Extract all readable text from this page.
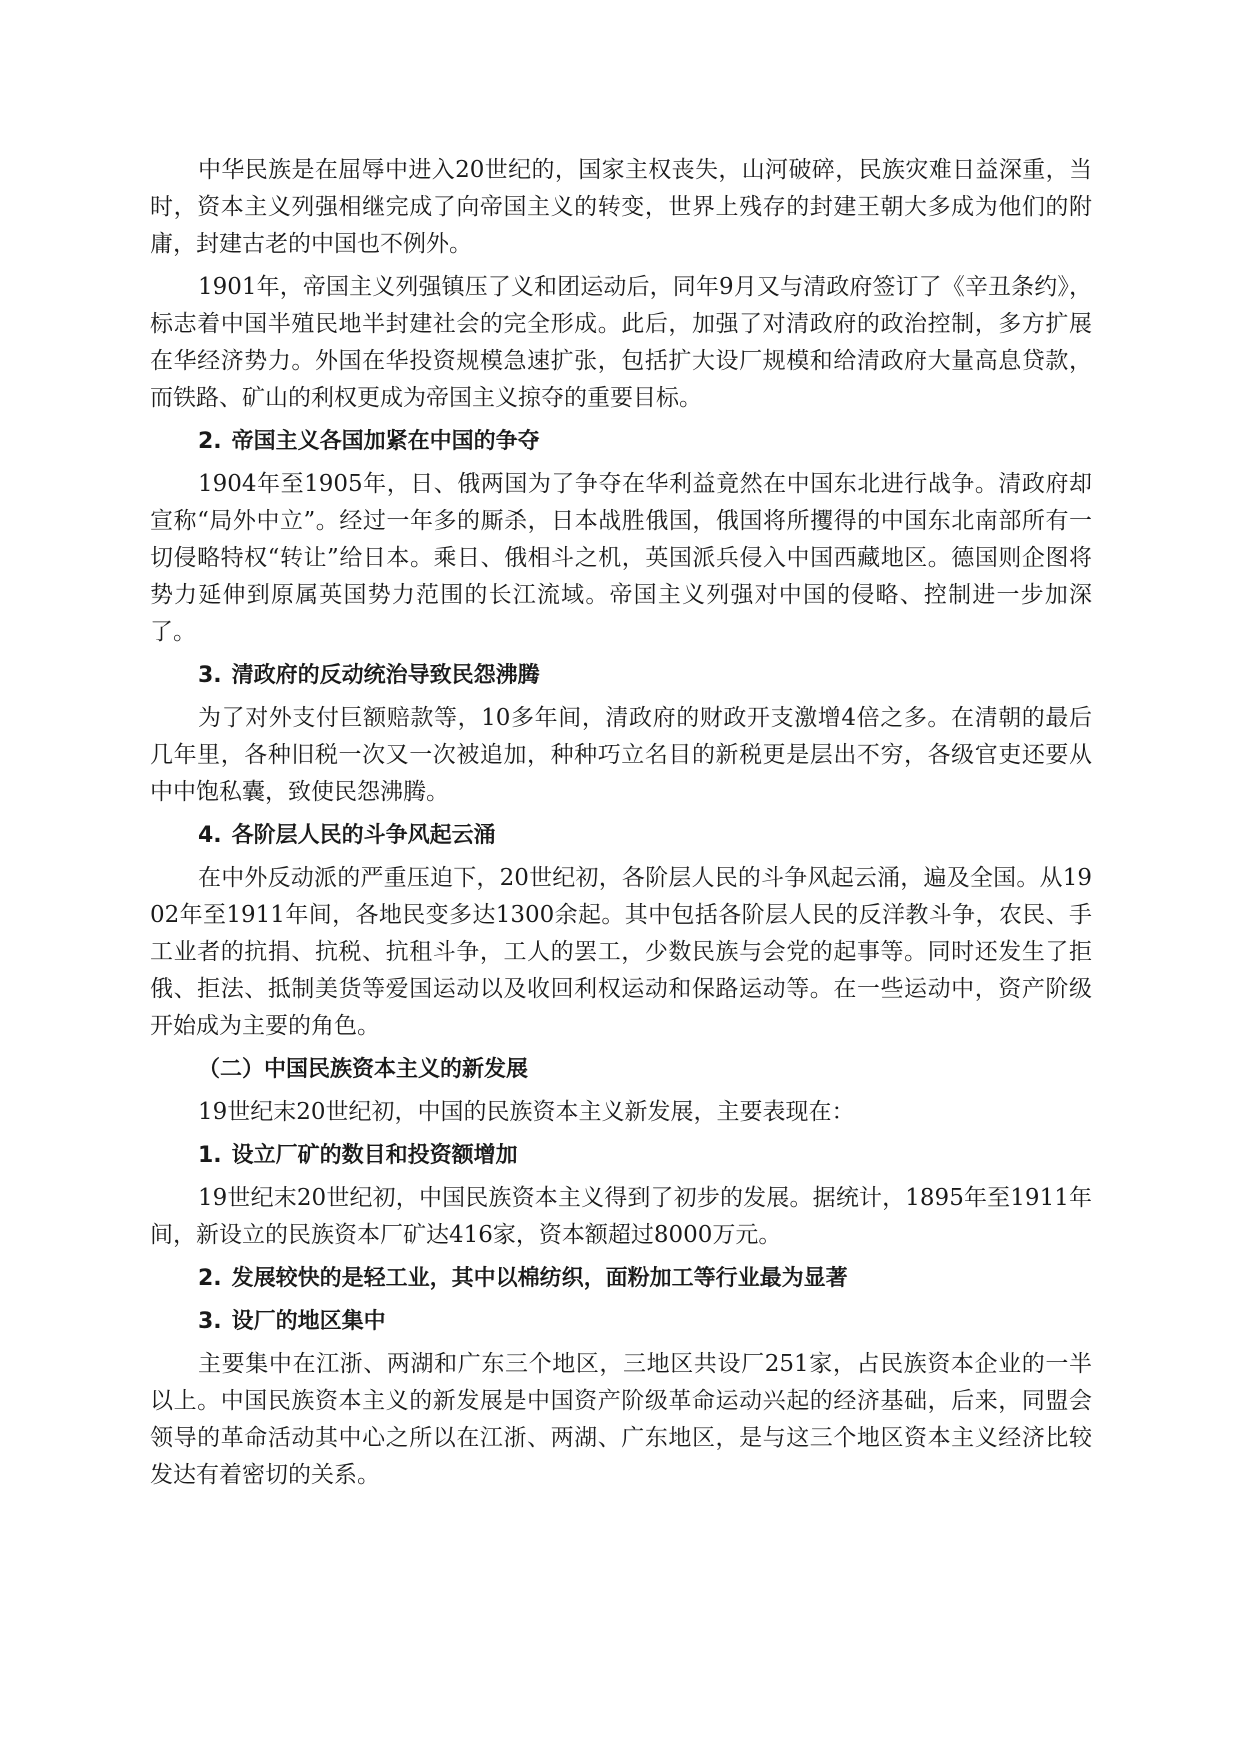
中华民族是在屈辱中进入20世纪的，国家主权丧失，山河破碎，民族灾难日益深重，当时，资本主义列强相继完成了向帝国主义的转变，世界上残存的封建王朝大多成为他们的附庸，封建古老的中国也不例外。

1901年，帝国主义列强镇压了义和团运动后，同年9月又与清政府签订了《辛丑条约》，标志着中国半殖民地半封建社会的完全形成。此后，加强了对清政府的政治控制，多方扩展在华经济势力。外国在华投资规模急速扩张，包括扩大设厂规模和给清政府大量高息贷款，而铁路、矿山的利权更成为帝国主义掠夺的重要目标。

2. 帝国主义各国加紧在中国的争夺

1904年至1905年，日、俄两国为了争夺在华利益竟然在中国东北进行战争。清政府却宣称“局外中立”。经过一年多的厮杀，日本战胜俄国，俄国将所攫得的中国东北南部所有一切侵略特权“转让”给日本。乘日、俄相斗之机，英国派兵侵入中国西藏地区。德国则企图将势力延伸到原属英国势力范围的长江流域。帝国主义列强对中国的侵略、控制进一步加深了。

3. 清政府的反动统治导致民怨沸腾

为了对外支付巨额赔款等，10多年间，清政府的财政开支激增4倍之多。在清朝的最后几年里，各种旧税一次又一次被追加，种种巧立名目的新税更是层出不穷，各级官吏还要从中中饱私囊，致使民怨沸腾。

4. 各阶层人民的斗争风起云涌

在中外反动派的严重压迫下，20世纪初，各阶层人民的斗争风起云涌，遍及全国。从1902年至1911年间，各地民变多达1300余起。其中包括各阶层人民的反洋教斗争，农民、手工业者的抗捐、抗税、抗租斗争，工人的罢工，少数民族与会党的起事等。同时还发生了拒俄、拒法、抵制美货等爱国运动以及收回利权运动和保路运动等。在一些运动中，资产阶级开始成为主要的角色。

（二）中国民族资本主义的新发展

19世纪末20世纪初，中国的民族资本主义新发展，主要表现在：

1. 设立厂矿的数目和投资额增加

19世纪末20世纪初，中国民族资本主义得到了初步的发展。据统计，1895年至1911年间，新设立的民族资本厂矿达416家，资本额超过8000万元。

2. 发展较快的是轻工业，其中以棉纺织，面粉加工等行业最为显著

3. 设厂的地区集中

主要集中在江浙、两湖和广东三个地区，三地区共设厂251家，占民族资本企业的一半以上。中国民族资本主义的新发展是中国资产阶级革命运动兴起的经济基础，后来，同盟会领导的革命活动其中心之所以在江浙、两湖、广东地区，是与这三个地区资本主义经济比较发达有着密切的关系。
